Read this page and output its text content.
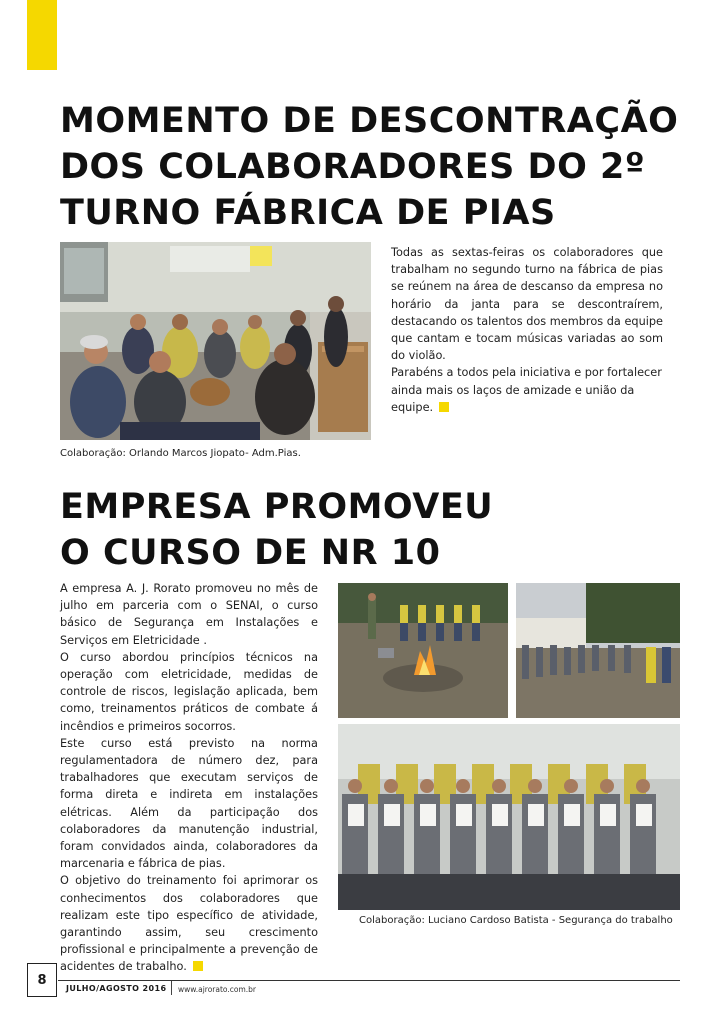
MOMENTO DE DESCONTRAÇÃO
DOS COLABORADORES DO 2º
TURNO FÁBRICA DE PIAS

Todas as sextas-feiras os colaboradores que trabalham no segundo turno na fábrica de pias se reúnem na área de descanso da empresa no horário da janta para se descontraírem, destacando os talentos dos membros da equipe que cantam e tocam músicas variadas ao som do violão.

Parabéns a todos pela iniciativa e por fortalecer ainda mais os laços de amizade e união da equipe.

Colaboração: Orlando Marcos Jiopato- Adm.Pias.
EMPRESA PROMOVEU
O CURSO DE NR 10

A empresa A. J. Rorato promoveu no mês de julho em parceria com o SENAI, o curso básico de Segurança em Instalações e Serviços em Eletricidade .

O curso abordou princípios técnicos na operação com eletricidade, medidas de controle de riscos, legislação aplicada, bem como, treinamentos práticos de combate á incêndios e primeiros socorros.

Este curso está previsto na norma regulamentadora de número dez, para trabalhadores que executam serviços de forma direta e indireta em instalações elétricas. Além da participação dos colaboradores da manutenção industrial, foram convidados ainda, colaboradores da marcenaria e fábrica de pias.

O objetivo do treinamento foi aprimorar os conhecimentos dos colaboradores que realizam este tipo específico de atividade, garantindo assim, seu crescimento profissional e principalmente a prevenção de acidentes de trabalho.

Colaboração: Luciano Cardoso Batista - Segurança do trabalho
8
JULHO/AGOSTO 2016 www.ajrorato.com.br
